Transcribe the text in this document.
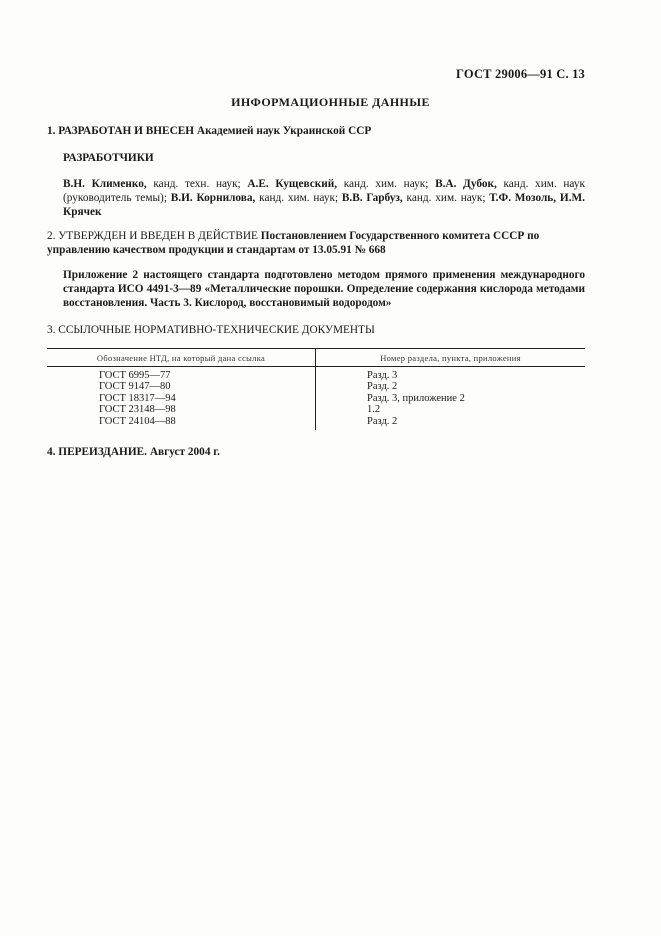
ГОСТ 29006—91 С. 13
ИНФОРМАЦИОННЫЕ ДАННЫЕ
1. РАЗРАБОТАН И ВНЕСЕН Академией наук Украинской ССР
РАЗРАБОТЧИКИ
В.Н. Клименко, канд. техн. наук; А.Е. Кущевский, канд. хим. наук; В.А. Дубок, канд. хим. наук (руководитель темы); В.И. Корнилова, канд. хим. наук; В.В. Гарбуз, канд. хим. наук; Т.Ф. Мозоль, И.М. Крячек
2. УТВЕРЖДЕН И ВВЕДЕН В ДЕЙСТВИЕ Постановлением Государственного комитета СССР по управлению качеством продукции и стандартам от 13.05.91 № 668
Приложение 2 настоящего стандарта подготовлено методом прямого применения международного стандарта ИСО 4491-3—89 «Металлические порошки. Определение содержания кислорода методами восстановления. Часть 3. Кислород, восстановимый водородом»
3. ССЫЛОЧНЫЕ НОРМАТИВНО-ТЕХНИЧЕСКИЕ ДОКУМЕНТЫ
Обозначение НТД, на который дана ссылка	Номер раздела, пункта, приложения
ГОСТ 6995—77	Разд. 3
ГОСТ 9147—80	Разд. 2
ГОСТ 18317—94	Разд. 3, приложение 2
ГОСТ 23148—98	1.2
ГОСТ 24104—88	Разд. 2
4. ПЕРЕИЗДАНИЕ. Август 2004 г.
